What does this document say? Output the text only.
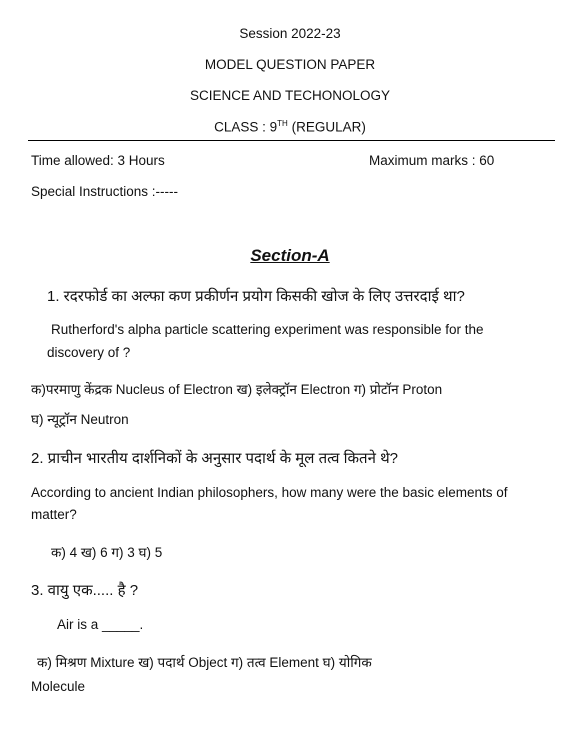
Session 2022-23
MODEL QUESTION PAPER
SCIENCE AND TECHONOLOGY
CLASS : 9TH (REGULAR)
Time allowed: 3 Hours	Maximum marks : 60
Special Instructions :-----
Section-A
1. रदरफोर्ड का अल्फा कण प्रकीर्णन प्रयोग किसकी खोज के लिए उत्तरदाई था?
Rutherford's alpha particle scattering experiment was responsible for the
discovery of ?
क)परमाणु केंद्रक Nucleus of Electron ख) इलेक्ट्रॉन Electron ग) प्रोटॉन Proton
घ) न्यूट्रॉन Neutron
2. प्राचीन भारतीय दार्शनिकों के अनुसार पदार्थ के मूल तत्व कितने थे?
According to ancient Indian philosophers, how many were the basic elements of
matter?
क) 4 ख) 6 ग) 3 घ) 5
3. वायु एक..... है ?
Air is a _____.
क) मिश्रण Mixture ख) पदार्थ Object ग) तत्व Element घ) योगिक
Molecule
